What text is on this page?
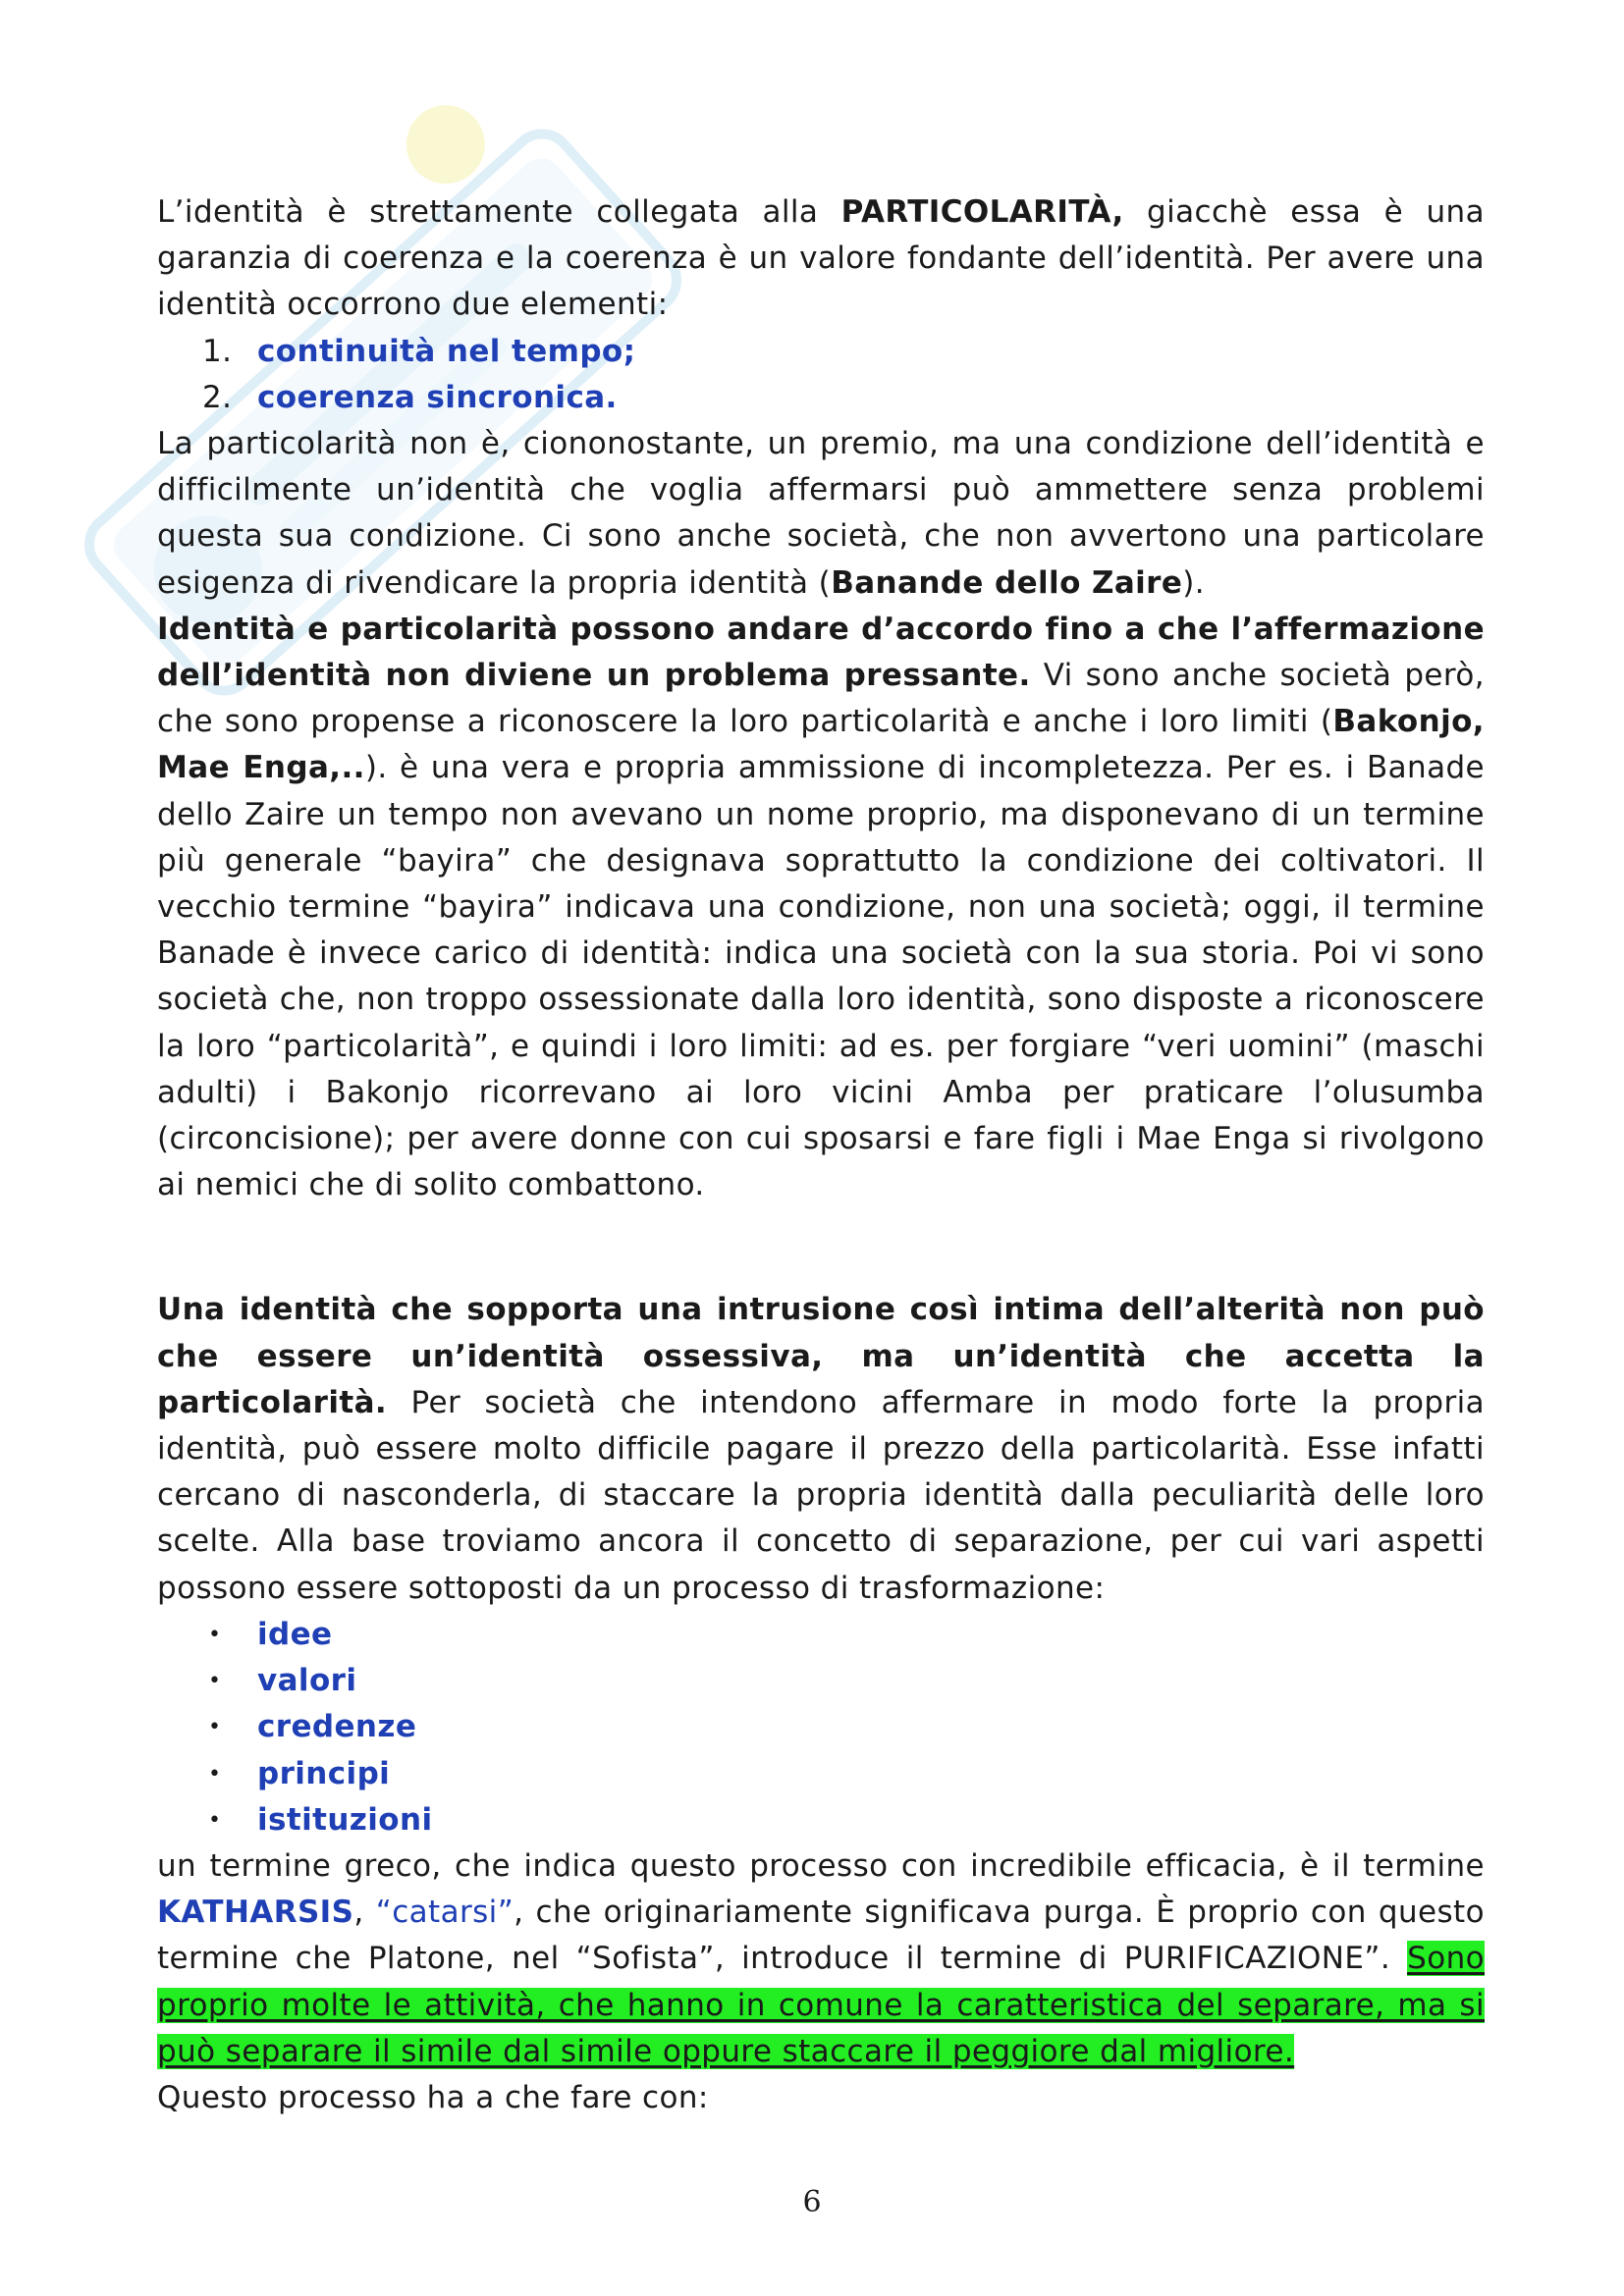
L’identità è strettamente collegata alla PARTICOLARITÀ, giacchè essa è una garanzia di coerenza e la coerenza è un valore fondante dell’identità. Per avere una identità occorrono due elementi:

1. continuità nel tempo;
2. coerenza sincronica.

La particolarità non è, ciononostante, un premio, ma una condizione dell’identità e difficilmente un’identità che voglia affermarsi può ammettere senza problemi questa sua condizione. Ci sono anche società, che non avvertono una particolare esigenza di rivendicare la propria identità (Banande dello Zaire).

Identità e particolarità possono andare d’accordo fino a che l’affermazione dell’identità non diviene un problema pressante. Vi sono anche società però, che sono propense a riconoscere la loro particolarità e anche i loro limiti (Bakonjo, Mae Enga,..). è una vera e propria ammissione di incompletezza. Per es. i Banade dello Zaire un tempo non avevano un nome proprio, ma disponevano di un termine più generale “bayira” che designava soprattutto la condizione dei coltivatori. Il vecchio termine “bayira” indicava una condizione, non una società; oggi, il termine Banade è invece carico di identità: indica una società con la sua storia. Poi vi sono società che, non troppo ossessionate dalla loro identità, sono disposte a riconoscere la loro “particolarità”, e quindi i loro limiti: ad es. per forgiare “veri uomini” (maschi adulti) i Bakonjo ricorrevano ai loro vicini Amba per praticare l’olusumba (circoncisione); per avere donne con cui sposarsi e fare figli i Mae Enga si rivolgono ai nemici che di solito combattono.

Una identità che sopporta una intrusione così intima dell’alterità non può che essere un’identità ossessiva, ma un’identità che accetta la particolarità. Per società che intendono affermare in modo forte la propria identità, può essere molto difficile pagare il prezzo della particolarità. Esse infatti cercano di nasconderla, di staccare la propria identità dalla peculiarità delle loro scelte. Alla base troviamo ancora il concetto di separazione, per cui vari aspetti possono essere sottoposti da un processo di trasformazione:

• idee
• valori
• credenze
• principi
• istituzioni

un termine greco, che indica questo processo con incredibile efficacia, è il termine KATHARSIS, “catarsi”, che originariamente significava purga. È proprio con questo termine che Platone, nel “Sofista”, introduce il termine di PURIFICAZIONE”. Sono proprio molte le attività, che hanno in comune la caratteristica del separare, ma si può separare il simile dal simile oppure staccare il peggiore dal migliore.

Questo processo ha a che fare con:

6
